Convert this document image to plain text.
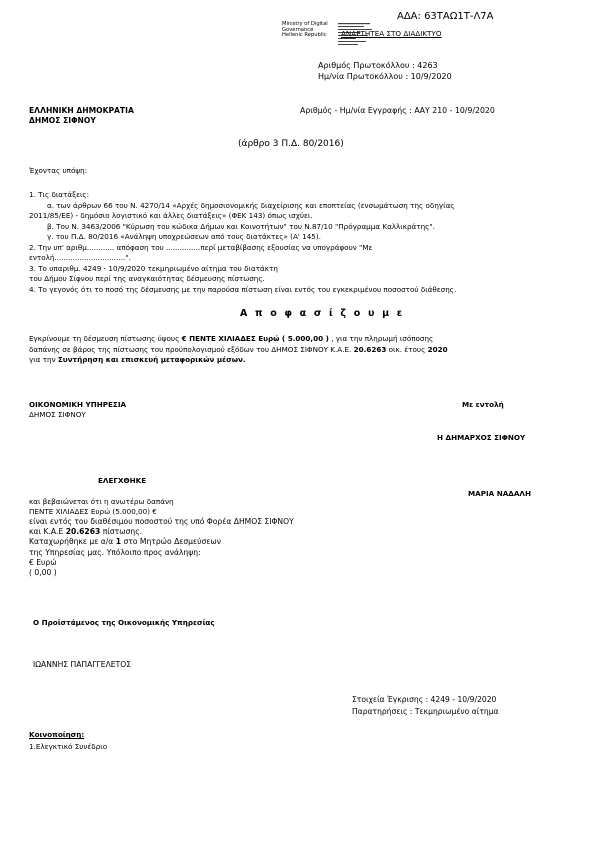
ΑΔΑ: 63ΤΑΩ1Τ-Λ7Α
Ministry of Digital
Governance
Hellenic Republic ΑΝΑΡΤΗΤΕΑ ΣΤΟ ΔΙΑΔΙΚΤΥΟ
Αριθμός Πρωτοκόλλου : 4263
Ημ/νία Πρωτοκόλλου : 10/9/2020
ΕΛΛΗΝΙΚΗ ΔΗΜΟΚΡΑΤΙΑ
ΔΗΜΟΣ ΣΙΦΝΟΥ
Αριθμός - Ημ/νία Εγγραφής : ΑΑΥ 210 - 10/9/2020
(άρθρο 3 Π.Δ. 80/2016)
Έχοντας υπόψη:
1. Τις διατάξεις:
α. των άρθρων 66 του Ν. 4270/14 «Αρχές δημοσιονομικής διαχείρισης και εποπτείας (ενσωμάτωση της οδηγίας
2011/85/ΕΕ) - δημόσιο λογιστικό και άλλες διατάξεις» (ΦΕΚ 143) όπως ισχύει.
β. Του Ν. 3463/2006 "Κύρωση του κώδικα Δήμων και Κοινοτήτων" του Ν.87/10 "Πρόγραμμα Καλλικράτης".
γ. του Π.Δ. 80/2016 «Ανάληψη υποχρεώσεων από τους διατάκτες» (Α' 145).
2. Την υπ' αριθμ............ απόφαση του ...............περί μεταβίβασης εξουσίας να υπογράφουν "Με
εντολή...............................".
3. Το υπαριθμ. 4249 - 10/9/2020 τεκμηριωμένο αίτημα του διατάκτη
του Δήμου Σίφνου περί της αναγκαιότητας δέσμευσης πίστωσης.
4. Το γεγονός ότι το ποσό της δέσμευσης με την παρούσα πίστωση είναι εντός του εγκεκριμένου ποσοστού διάθεσης.
Α π ο φ α σ ί ζ ο υ μ ε
Εγκρίνουμε τη δέσμευση πίστωσης ύψους € ΠΕΝΤΕ ΧΙΛΙΑΔΕΣ Ευρώ ( 5.000,00 ) , για την πληρωμή ισόποσης
δαπάνης σε βάρος της πίστωσης του προϋπολογισμού εξόδων του ΔΗΜΟΣ ΣΙΦΝΟΥ Κ.Α.Ε. 20.6263 οικ. έτους 2020
για την Συντήρηση και επισκευή μεταφορικών μέσων.
ΟΙΚΟΝΟΜΙΚΗ ΥΠΗΡΕΣΙΑ
ΔΗΜΟΣ ΣΙΦΝΟΥ
Με εντολή
Η ΔΗΜΑΡΧΟΣ ΣΙΦΝΟΥ
ΕΛΕΓΧΘΗΚΕ
ΜΑΡΙΑ ΝΑΔΑΛΗ
και βεβαιώνεται ότι η ανωτέρω δαπάνη
ΠΕΝΤΕ ΧΙΛΙΑΔΕΣ Ευρώ (5.000,00) €
είναι εντός του διαθέσιμου ποσοστού της υπό Φορέα ΔΗΜΟΣ ΣΙΦΝΟΥ
και Κ.Α.Ε 20.6263 πίστωσης.
Καταχωρήθηκε με α/α 1 στο Μητρώο Δεσμεύσεων
της Υπηρεσίας μας. Υπόλοιπο προς ανάληψη:
€ Ευρώ
( 0,00 )
Ο Προϊστάμενος της Οικονομικής Υπηρεσίας
ΙΩΑΝΝΗΣ ΠΑΠΑΓΓΕΛΕΤΟΣ
Στοιχεία Έγκρισης : 4249 - 10/9/2020
Παρατηρήσεις : Τεκμηριωμένο αίτημα
Κοινοποίηση:
1.Ελεγκτικό Συνέδριο
